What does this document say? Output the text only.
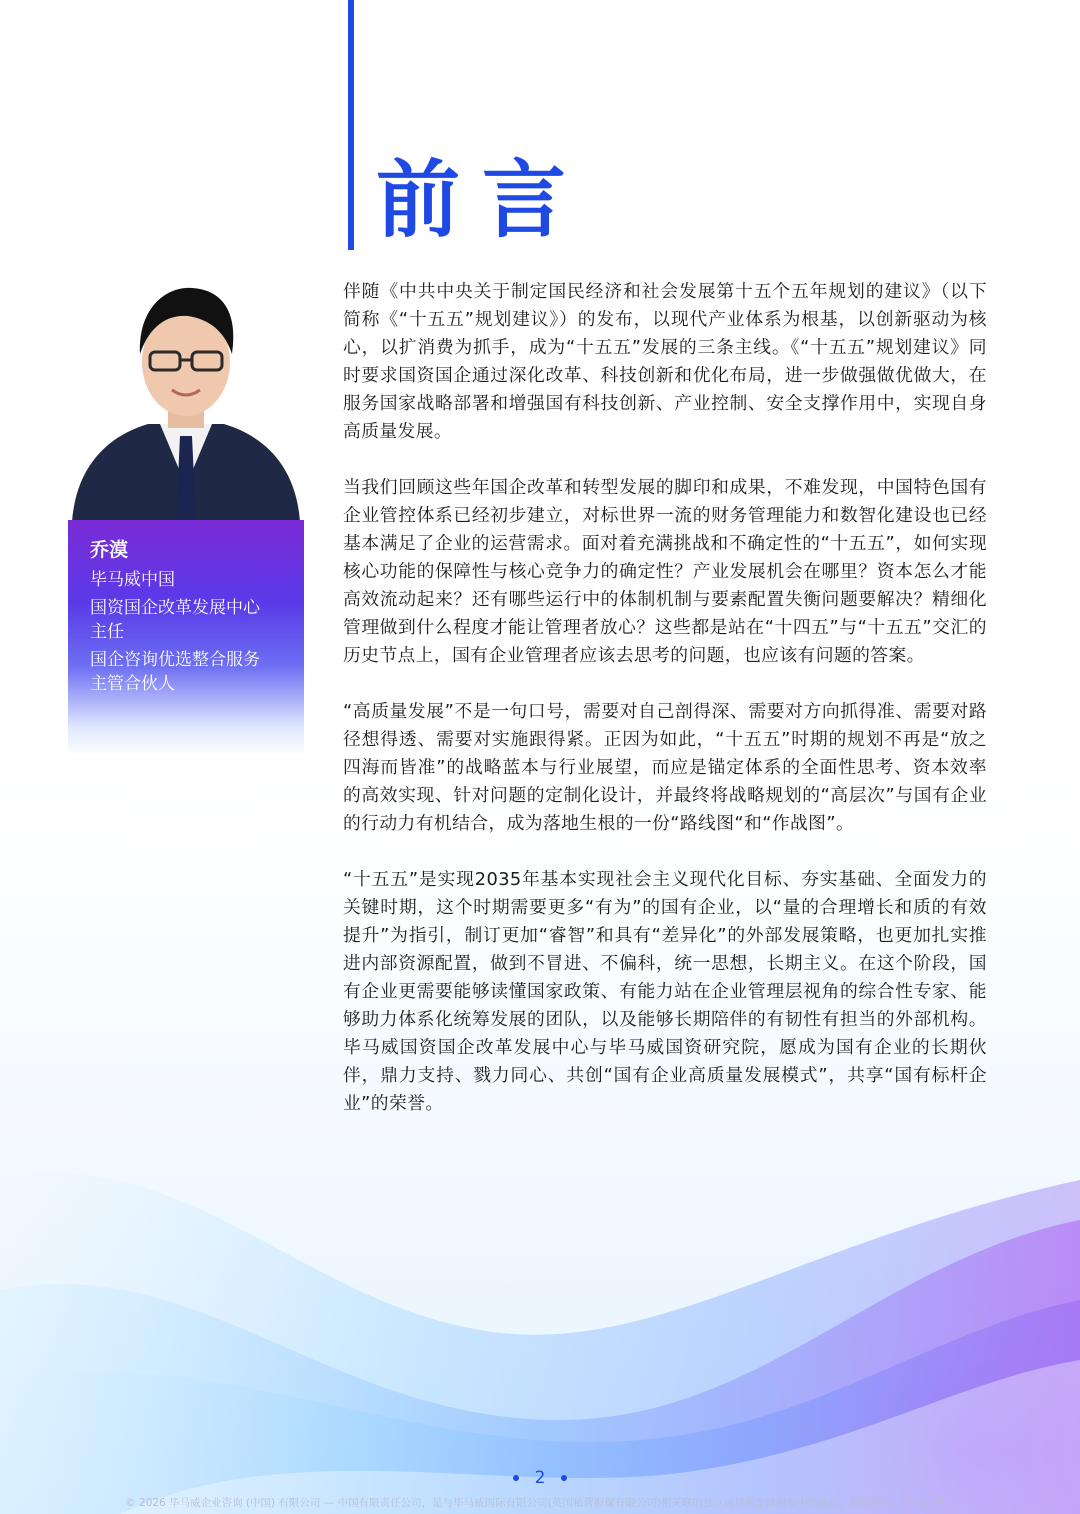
前言
乔漠
毕马威中国
国资国企改革发展中心
主任
国企咨询优选整合服务
主管合伙人

伴随《中共中央关于制定国民经济和社会发展第十五个五年规划的建议》（以下简称《“十五五”规划建议》）的发布，以现代产业体系为根基，以创新驱动为核心，以扩消费为抓手，成为“十五五”发展的三条主线。《“十五五”规划建议》同时要求国资国企通过深化改革、科技创新和优化布局，进一步做强做优做大，在服务国家战略部署和增强国有科技创新、产业控制、安全支撑作用中，实现自身高质量发展。

当我们回顾这些年国企改革和转型发展的脚印和成果，不难发现，中国特色国有企业管控体系已经初步建立，对标世界一流的财务管理能力和数智化建设也已经基本满足了企业的运营需求。面对着充满挑战和不确定性的“十五五”，如何实现核心功能的保障性与核心竞争力的确定性？产业发展机会在哪里？资本怎么才能高效流动起来？还有哪些运行中的体制机制与要素配置失衡问题要解决？精细化管理做到什么程度才能让管理者放心？这些都是站在“十四五”与“十五五”交汇的历史节点上，国有企业管理者应该去思考的问题，也应该有问题的答案。

“高质量发展”不是一句口号，需要对自己剖得深、需要对方向抓得准、需要对路径想得透、需要对实施跟得紧。正因为如此，“十五五”时期的规划不再是“放之四海而皆准”的战略蓝本与行业展望，而应是锚定体系的全面性思考、资本效率的高效实现、针对问题的定制化设计，并最终将战略规划的“高层次”与国有企业的行动力有机结合，成为落地生根的一份“路线图“和“作战图”。

“十五五”是实现2035年基本实现社会主义现代化目标、夯实基础、全面发力的关键时期，这个时期需要更多“有为”的国有企业，以“量的合理增长和质的有效提升”为指引，制订更加“睿智”和具有“差异化”的外部发展策略，也更加扎实推进内部资源配置，做到不冒进、不偏科，统一思想，长期主义。在这个阶段，国有企业更需要能够读懂国家政策、有能力站在企业管理层视角的综合性专家、能够助力体系化统筹发展的团队，以及能够长期陪伴的有韧性有担当的外部机构。毕马威国资国企改革发展中心与毕马威国资研究院，愿成为国有企业的长期伙伴，鼎力支持、戮力同心、共创“国有企业高质量发展模式”，共享“国有标杆企业”的荣誉。

2
© 2026 毕马威企业咨询 (中国) 有限公司 — 中国有限责任公司，是与毕马威国际有限公司(英国私营担保有限公司)相关联的独立成员所全球组织中的成员。版权所有，不得转载。
